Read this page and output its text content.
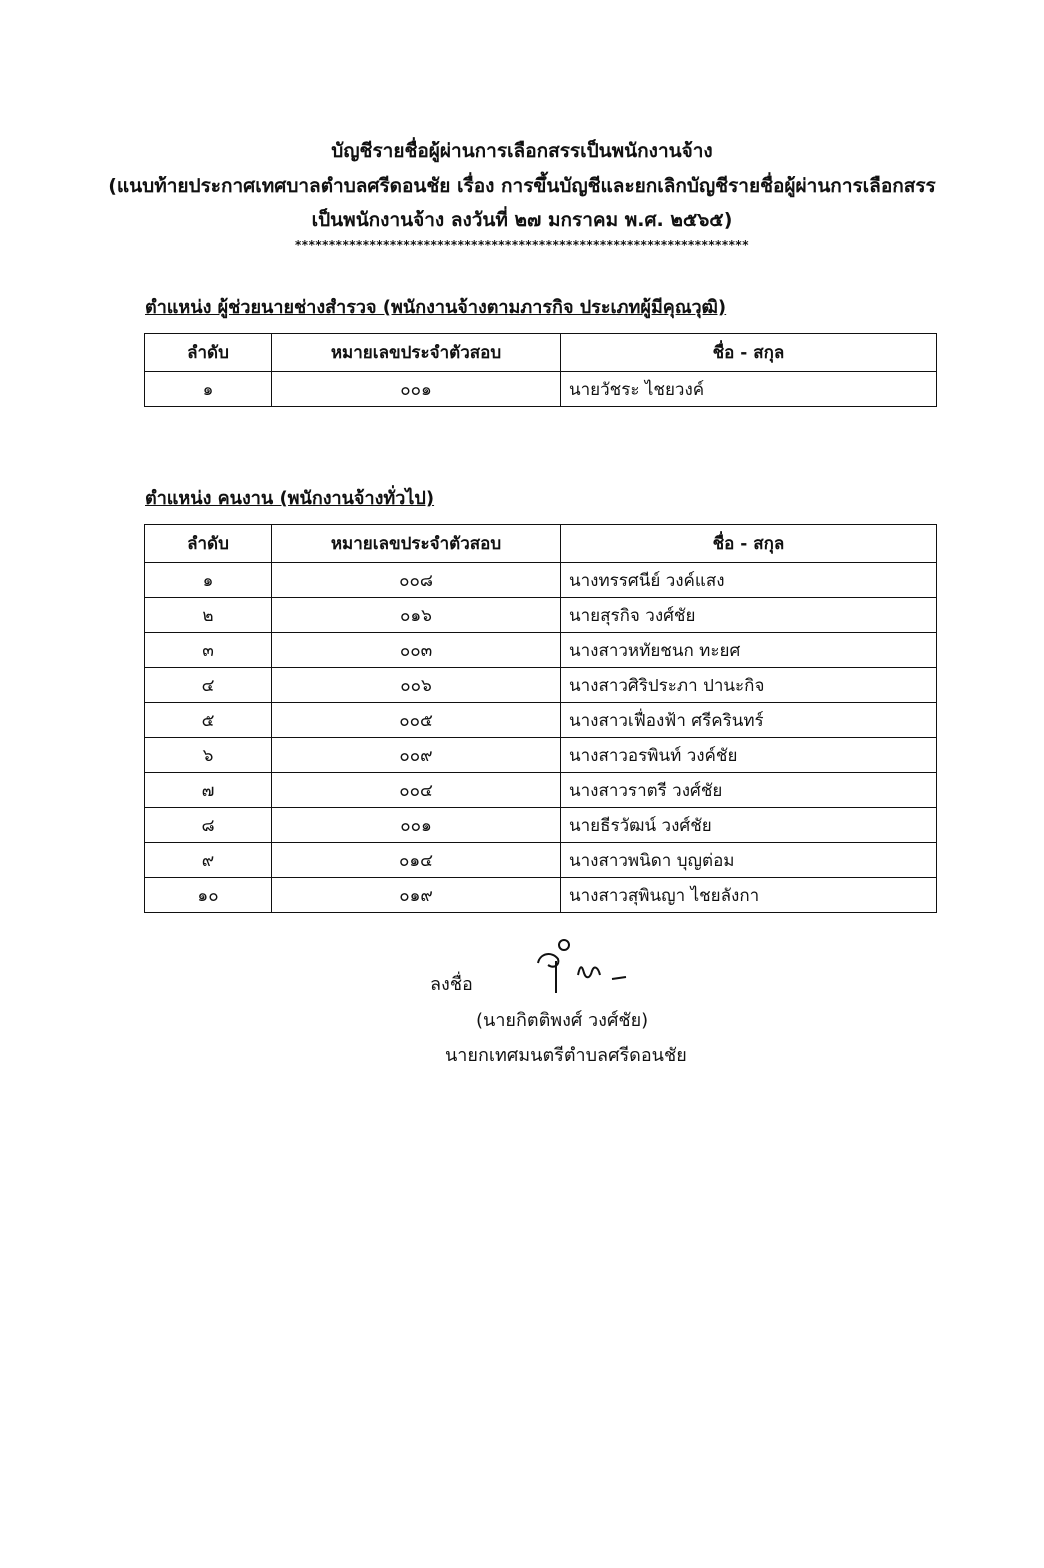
บัญชีรายชื่อผู้ผ่านการเลือกสรรเป็นพนักงานจ้าง
(แนบท้ายประกาศเทศบาลตำบลศรีดอนชัย เรื่อง การขึ้นบัญชีและยกเลิกบัญชีรายชื่อผู้ผ่านการเลือกสรร
เป็นพนักงานจ้าง ลงวันที่ ๒๗ มกราคม พ.ศ. ๒๕๖๕)
*******************************************************************
ตำแหน่ง ผู้ช่วยนายช่างสำรวจ (พนักงานจ้างตามภารกิจ ประเภทผู้มีคุณวุฒิ)
ลำดับ	หมายเลขประจำตัวสอบ	ชื่อ - สกุล
๑	๐๐๑	นายวัชระ ไชยวงค์
ตำแหน่ง คนงาน (พนักงานจ้างทั่วไป)
ลำดับ	หมายเลขประจำตัวสอบ	ชื่อ - สกุล
๑	๐๐๘	นางทรรศนีย์ วงค์แสง
๒	๐๑๖	นายสุรกิจ วงศ์ชัย
๓	๐๐๓	นางสาวหทัยชนก ทะยศ
๔	๐๐๖	นางสาวศิริประภา ปานะกิจ
๕	๐๐๕	นางสาวเฟื่องฟ้า ศรีครินทร์
๖	๐๐๙	นางสาวอรพินท์ วงค์ชัย
๗	๐๐๔	นางสาวราตรี วงศ์ชัย
๘	๐๐๑	นายธีรวัฒน์ วงศ์ชัย
๙	๐๑๔	นางสาวพนิดา บุญต่อม
๑๐	๐๑๙	นางสาวสุพินญา ไชยลังกา
ลงชื่อ
(นายกิตติพงศ์ วงศ์ชัย)
นายกเทศมนตรีตำบลศรีดอนชัย
